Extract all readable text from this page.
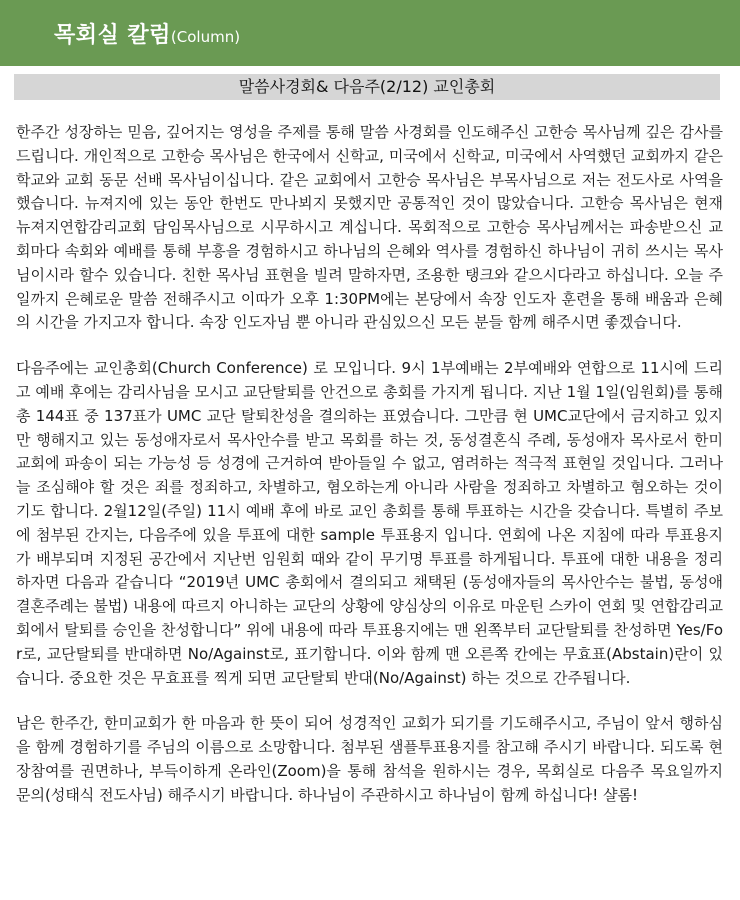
목회실 칼럼(Column)
말씀사경회& 다음주(2/12) 교인총회

한주간 성장하는 믿음, 깊어지는 영성을 주제를 통해 말씀 사경회를 인도해주신 고한승 목사님께 깊은 감사를 드립니다. 개인적으로 고한승 목사님은 한국에서 신학교, 미국에서 신학교, 미국에서 사역했던 교회까지 같은 학교와 교회 동문 선배 목사님이십니다. 같은 교회에서 고한승 목사님은 부목사님으로 저는 전도사로 사역을 했습니다. 뉴져지에 있는 동안 한번도 만나뵈지 못했지만 공통적인 것이 많았습니다. 고한승 목사님은 현재 뉴져지연합감리교회 담임목사님으로 시무하시고 계십니다. 목회적으로 고한승 목사님께서는 파송받으신 교회마다 속회와 예배를 통해 부흥을 경험하시고 하나님의 은혜와 역사를 경험하신 하나님이 귀히 쓰시는 목사님이시라 할수 있습니다. 친한 목사님 표현을 빌려 말하자면, 조용한 탱크와 같으시다라고 하십니다. 오늘 주일까지 은혜로운 말씀 전해주시고 이따가 오후 1:30PM에는 본당에서 속장 인도자 훈련을 통해 배움과 은혜의 시간을 가지고자 합니다. 속장 인도자님 뿐 아니라 관심있으신 모든 분들 함께 해주시면 좋겠습니다.

다음주에는 교인총회(Church Conference) 로 모입니다. 9시 1부예배는 2부예배와 연합으로 11시에 드리고 예배 후에는 감리사님을 모시고 교단탈퇴를 안건으로 총회를 가지게 됩니다. 지난 1월 1일(임원회)를 통해 총 144표 중 137표가 UMC 교단 탈퇴찬성을 결의하는 표였습니다. 그만큼 현 UMC교단에서 금지하고 있지만 행해지고 있는 동성애자로서 목사안수를 받고 목회를 하는 것, 동성결혼식 주례, 동성애자 목사로서 한미교회에 파송이 되는 가능성 등 성경에 근거하여 받아들일 수 없고, 염려하는 적극적 표현일 것입니다. 그러나 늘 조심해야 할 것은 죄를 정죄하고, 차별하고, 혐오하는게 아니라 사람을 정죄하고 차별하고 혐오하는 것이기도 합니다. 2월12일(주일) 11시 예배 후에 바로 교인 총회를 통해 투표하는 시간을 갖습니다. 특별히 주보에 첨부된 간지는, 다음주에 있을 투표에 대한 sample 투표용지 입니다. 연회에 나온 지침에 따라 투표용지가 배부되며 지정된 공간에서 지난번 임원회 때와 같이 무기명 투표를 하게됩니다. 투표에 대한 내용을 정리하자면 다음과 같습니다 “2019년 UMC 총회에서 결의되고 채택된 (동성애자들의 목사안수는 불법, 동성애 결혼주례는 불법) 내용에 따르지 아니하는 교단의 상황에 양심상의 이유로 마운틴 스카이 연회 및 연합감리교회에서 탈퇴를 승인을 찬성합니다” 위에 내용에 따라 투표용지에는 맨 왼쪽부터 교단탈퇴를 찬성하면 Yes/For로, 교단탈퇴를 반대하면 No/Against로, 표기합니다. 이와 함께 맨 오른쪽 칸에는 무효표(Abstain)란이 있습니다. 중요한 것은 무효표를 찍게 되면 교단탈퇴 반대(No/Against) 하는 것으로 간주됩니다.

남은 한주간, 한미교회가 한 마음과 한 뜻이 되어 성경적인 교회가 되기를 기도해주시고, 주님이 앞서 행하심을 함께 경험하기를 주님의 이름으로 소망합니다. 첨부된 샘플투표용지를 참고해 주시기 바랍니다. 되도록 현장참여를 권면하나, 부득이하게 온라인(Zoom)을 통해 참석을 원하시는 경우, 목회실로 다음주 목요일까지 문의(성태식 전도사님) 해주시기 바랍니다. 하나님이 주관하시고 하나님이 함께 하십니다! 샬롬!
